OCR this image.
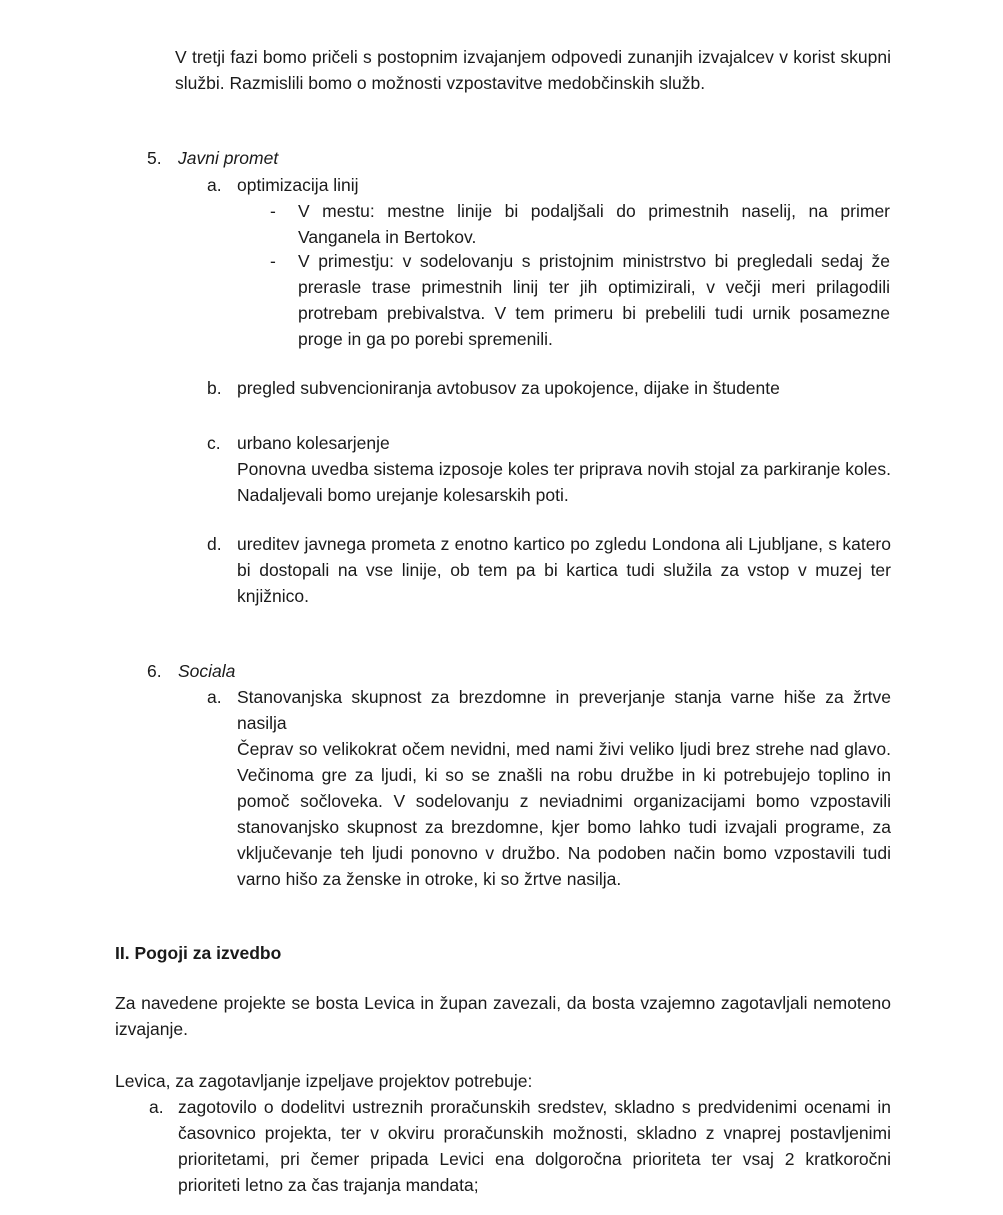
V tretji fazi bomo pričeli s postopnim izvajanjem odpovedi zunanjih izvajalcev v korist skupni službi. Razmislili bomo o možnosti vzpostavitve medobčinskih služb.
5. Javni promet
a. optimizacija linij
- V mestu: mestne linije bi podaljšali do primestnih naselij, na primer Vanganela in Bertokov.
- V primestju: v sodelovanju s pristojnim ministrstvo bi pregledali sedaj že prerasle trase primestnih linij ter jih optimizirali, v večji meri prilagodili protrebam prebivalstva. V tem primeru bi prebelili tudi urnik posamezne proge in ga po porebi spremenili.
b. pregled subvencioniranja avtobusov za upokojence, dijake in študente
c. urbano kolesarjenje
Ponovna uvedba sistema izposoje koles ter priprava novih stojal za parkiranje koles. Nadaljevali bomo urejanje kolesarskih poti.
d. ureditev javnega prometa z enotno kartico po zgledu Londona ali Ljubljane, s katero bi dostopali na vse linije, ob tem pa bi kartica tudi služila za vstop v muzej ter knjižnico.
6. Sociala
a. Stanovanjska skupnost za brezdomne in preverjanje stanja varne hiše za žrtve nasilja
Čeprav so velikokrat očem nevidni, med nami živi veliko ljudi brez strehe nad glavo. Večinoma gre za ljudi, ki so se znašli na robu družbe in ki potrebujejo toplino in pomoč sočloveka. V sodelovanju z neviadnimi organizacijami bomo vzpostavili stanovanjsko skupnost za brezdomne, kjer bomo lahko tudi izvajali programe, za vključevanje teh ljudi ponovno v družbo. Na podoben način bomo vzpostavili tudi varno hišo za ženske in otroke, ki so žrtve nasilja.
II. Pogoji za izvedbo
Za navedene projekte se bosta Levica in župan zavezali, da bosta vzajemno zagotavljali nemoteno izvajanje.
Levica, za zagotavljanje izpeljave projektov potrebuje:
a. zagotovilo o dodelitvi ustreznih proračunskih sredstev, skladno s predvidenimi ocenami in časovnico projekta, ter v okviru proračunskih možnosti, skladno z vnaprej postavljenimi prioritetami, pri čemer pripada Levici ena dolgoročna prioriteta ter vsaj 2 kratkoročni prioriteti letno za čas trajanja mandata;
